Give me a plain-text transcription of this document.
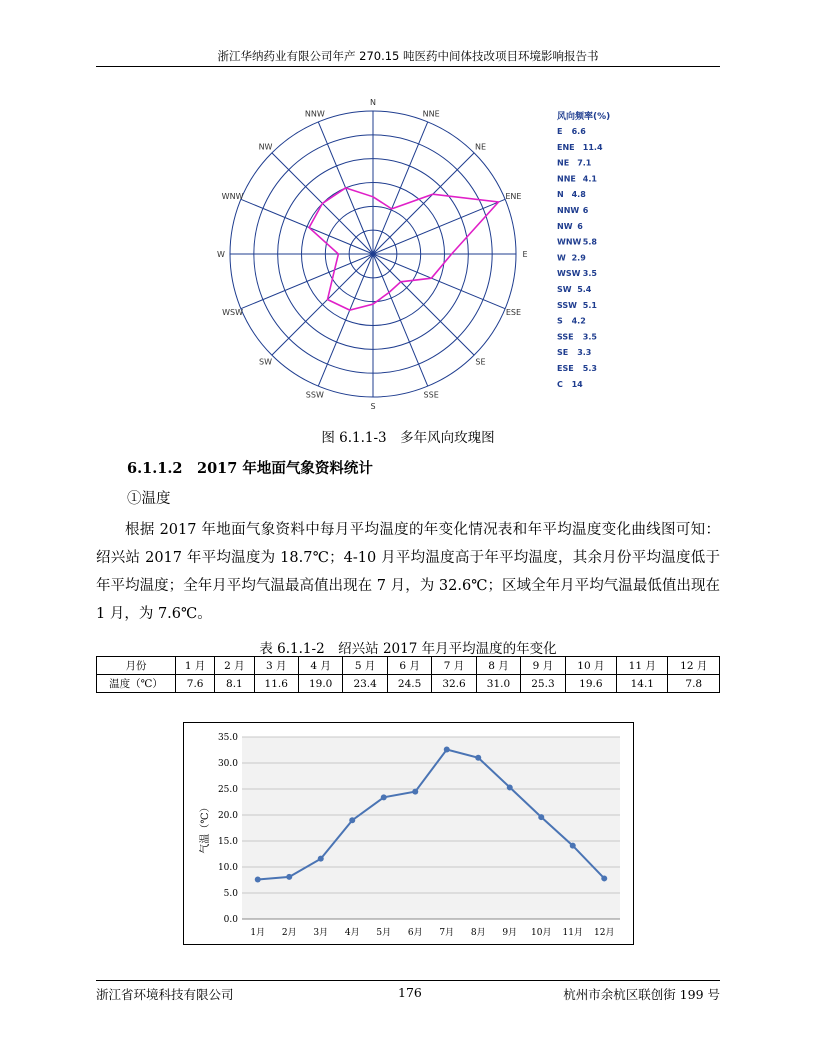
浙江华纳药业有限公司年产 270.15 吨医药中间体技改项目环境影响报告书
N
NNE
NE
ENE
E
ESE
SE
SSE
S
SSW
SW
WSW
W
WNW
NW
NNW	风向频率(%)
E 6.6
ENE 11.4
NE 7.1
NNE 4.1
N 4.8
NNW 6
NW 6
WNW 5.8
W 2.9
WSW 3.5
SW 5.4
SSW 5.1
S 4.2
SSE 3.5
SE 3.3
ESE 5.3
C 14
图 6.1.1-3　多年风向玫瑰图
6.1.1.2　2017 年地面气象资料统计
①温度
根据 2017 年地面气象资料中每月平均温度的年变化情况表和年平均温度变化曲线图可知：绍兴站 2017 年平均温度为 18.7℃；4-10 月平均温度高于年平均温度，其余月份平均温度低于年平均温度；全年月平均气温最高值出现在 7 月，为 32.6℃；区域全年月平均气温最低值出现在 1 月，为 7.6℃。
表 6.1.1-2　绍兴站 2017 年月平均温度的年变化
月份	1 月	2 月	3 月	4 月	5 月	6 月	7 月	8 月	9 月	10 月	11 月	12 月
温度（℃）	7.6	8.1	11.6	19.0	23.4	24.5	32.6	31.0	25.3	19.6	14.1	7.8
0.0
5.0
10.0
15.0
20.0
25.0
30.0
35.0
1月 2月 3月 4月 5月 6月 7月 8月 9月 10月 11月 12月
气温（℃）
浙江省环境科技有限公司	176	杭州市余杭区联创街 199 号
